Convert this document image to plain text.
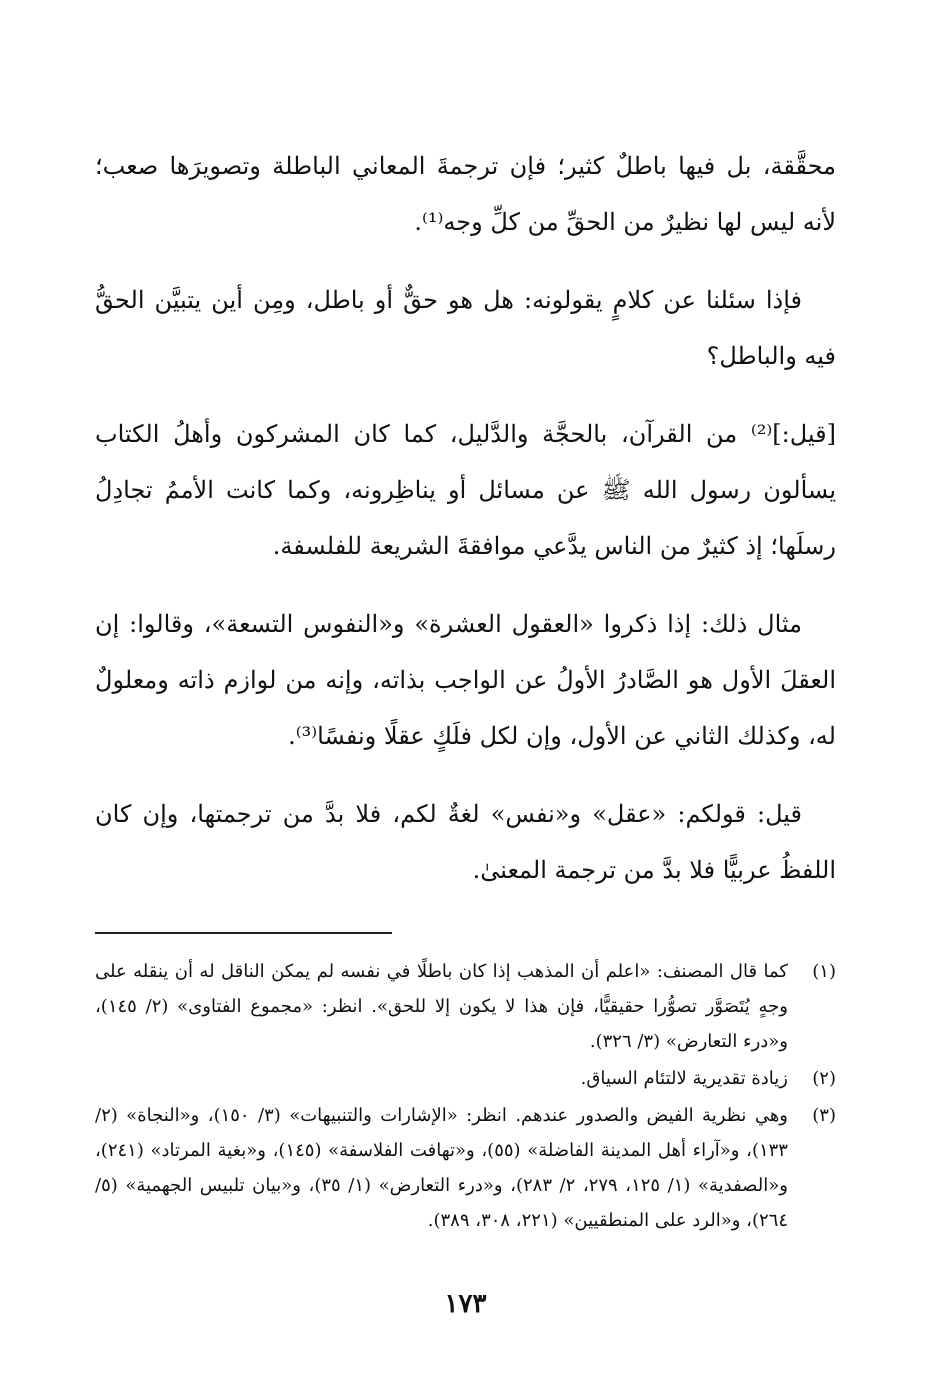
محقَّقة، بل فيها باطلٌ كثير؛ فإن ترجمةَ المعاني الباطلة وتصويرَها صعب؛ لأنه ليس لها نظيرٌ من الحقِّ من كلِّ وجه⁽¹⁾.

فإذا سئلنا عن كلامٍ يقولونه: هل هو حقٌّ أو باطل، ومِن أين يتبيَّن الحقُّ فيه والباطل؟

[قيل:]⁽²⁾ من القرآن، بالحجَّة والدَّليل، كما كان المشركون وأهلُ الكتاب يسألون رسول الله ﷺ عن مسائل أو يناظِرونه، وكما كانت الأممُ تجادِلُ رسلَها؛ إذ كثيرٌ من الناس يدَّعي موافقةَ الشريعة للفلسفة.

مثال ذلك: إذا ذكروا «العقول العشرة» و«النفوس التسعة»، وقالوا: إن العقلَ الأول هو الصَّادرُ الأولُ عن الواجب بذاته، وإنه من لوازم ذاته ومعلولٌ له، وكذلك الثاني عن الأول، وإن لكل فلَكٍ عقلًا ونفسًا⁽³⁾.

قيل: قولكم: «عقل» و«نفس» لغةٌ لكم، فلا بدَّ من ترجمتها، وإن كان اللفظُ عربيًّا فلا بدَّ من ترجمة المعنىٰ.

(١)
كما قال المصنف: «اعلم أن المذهب إذا كان باطلًا في نفسه لم يمكن الناقل له أن ينقله على وجهٍ يُتَصَوَّر تصوُّرا حقيقيًّا، فإن هذا لا يكون إلا للحق». انظر: «مجموع الفتاوى» (٢/ ١٤٥)، و«درء التعارض» (٣/ ٣٢٦).
(٢)
زيادة تقديرية لالتئام السياق.
(٣)
وهي نظرية الفيض والصدور عندهم. انظر: «الإشارات والتنبيهات» (٣/ ١٥٠)، و«النجاة» (٢/ ١٣٣)، و«آراء أهل المدينة الفاضلة» (٥٥)، و«تهافت الفلاسفة» (١٤٥)، و«بغية المرتاد» (٢٤١)، و«الصفدية» (١/ ١٢٥، ٢٧٩، ٢/ ٢٨٣)، و«درء التعارض» (١/ ٣٥)، و«بيان تلبيس الجهمية» (٥/ ٢٦٤)، و«الرد على المنطقيين» (٢٢١، ٣٠٨، ٣٨٩).
١٧٣
